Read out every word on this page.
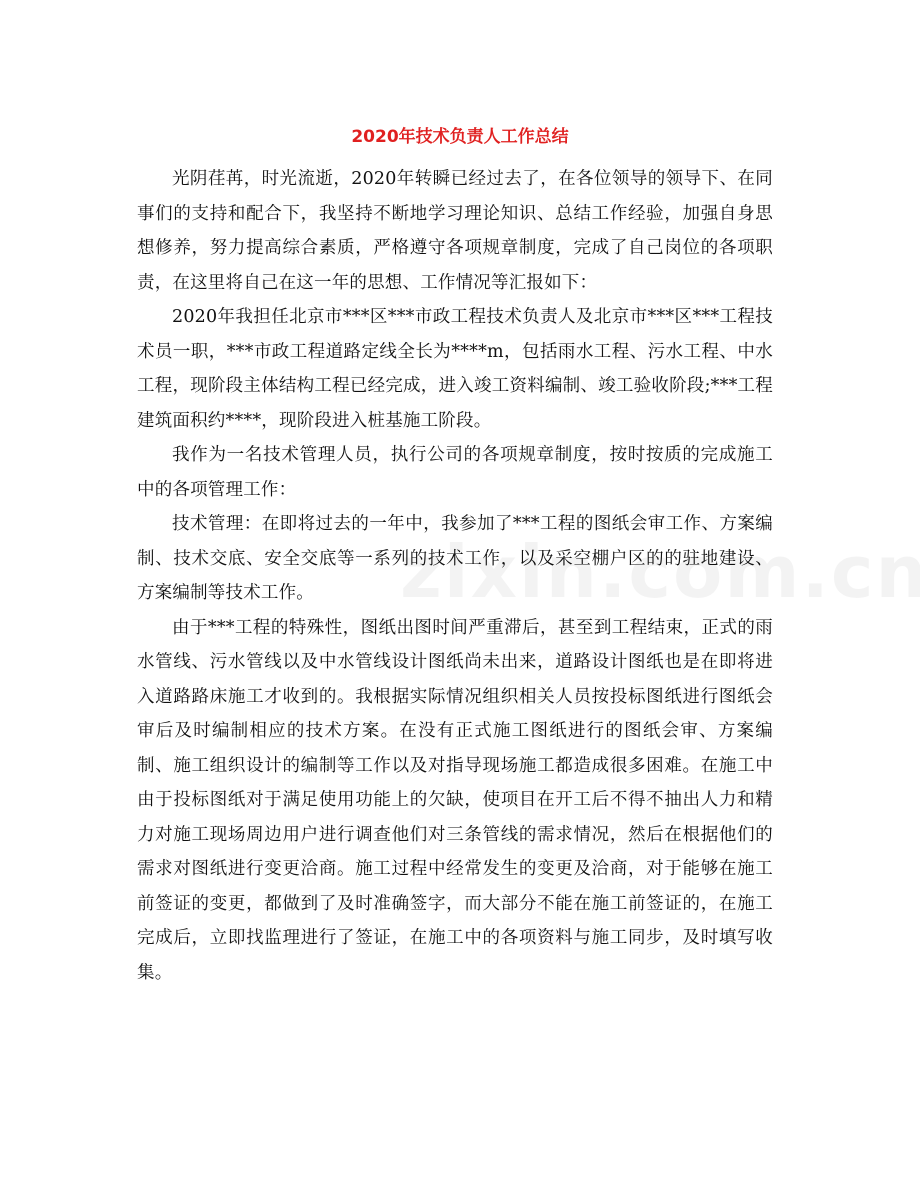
2020年技术负责人工作总结

光阴荏苒，时光流逝，2020年转瞬已经过去了，在各位领导的领导下、在同事们的支持和配合下，我坚持不断地学习理论知识、总结工作经验，加强自身思想修养，努力提高综合素质，严格遵守各项规章制度，完成了自己岗位的各项职责，在这里将自己在这一年的思想、工作情况等汇报如下：

2020年我担任北京市***区***市政工程技术负责人及北京市***区***工程技术员一职，***市政工程道路定线全长为****m，包括雨水工程、污水工程、中水工程，现阶段主体结构工程已经完成，进入竣工资料编制、竣工验收阶段;***工程建筑面积约****，现阶段进入桩基施工阶段。

我作为一名技术管理人员，执行公司的各项规章制度，按时按质的完成施工中的各项管理工作：

技术管理：在即将过去的一年中，我参加了***工程的图纸会审工作、方案编制、技术交底、安全交底等一系列的技术工作，以及采空棚户区的的驻地建设、方案编制等技术工作。

由于***工程的特殊性，图纸出图时间严重滞后，甚至到工程结束，正式的雨水管线、污水管线以及中水管线设计图纸尚未出来，道路设计图纸也是在即将进入道路路床施工才收到的。我根据实际情况组织相关人员按投标图纸进行图纸会审后及时编制相应的技术方案。在没有正式施工图纸进行的图纸会审、方案编制、施工组织设计的编制等工作以及对指导现场施工都造成很多困难。在施工中由于投标图纸对于满足使用功能上的欠缺，使项目在开工后不得不抽出人力和精力对施工现场周边用户进行调查他们对三条管线的需求情况，然后在根据他们的需求对图纸进行变更洽商。施工过程中经常发生的变更及洽商，对于能够在施工前签证的变更，都做到了及时准确签字，而大部分不能在施工前签证的，在施工完成后，立即找监理进行了签证，在施工中的各项资料与施工同步，及时填写收集。
